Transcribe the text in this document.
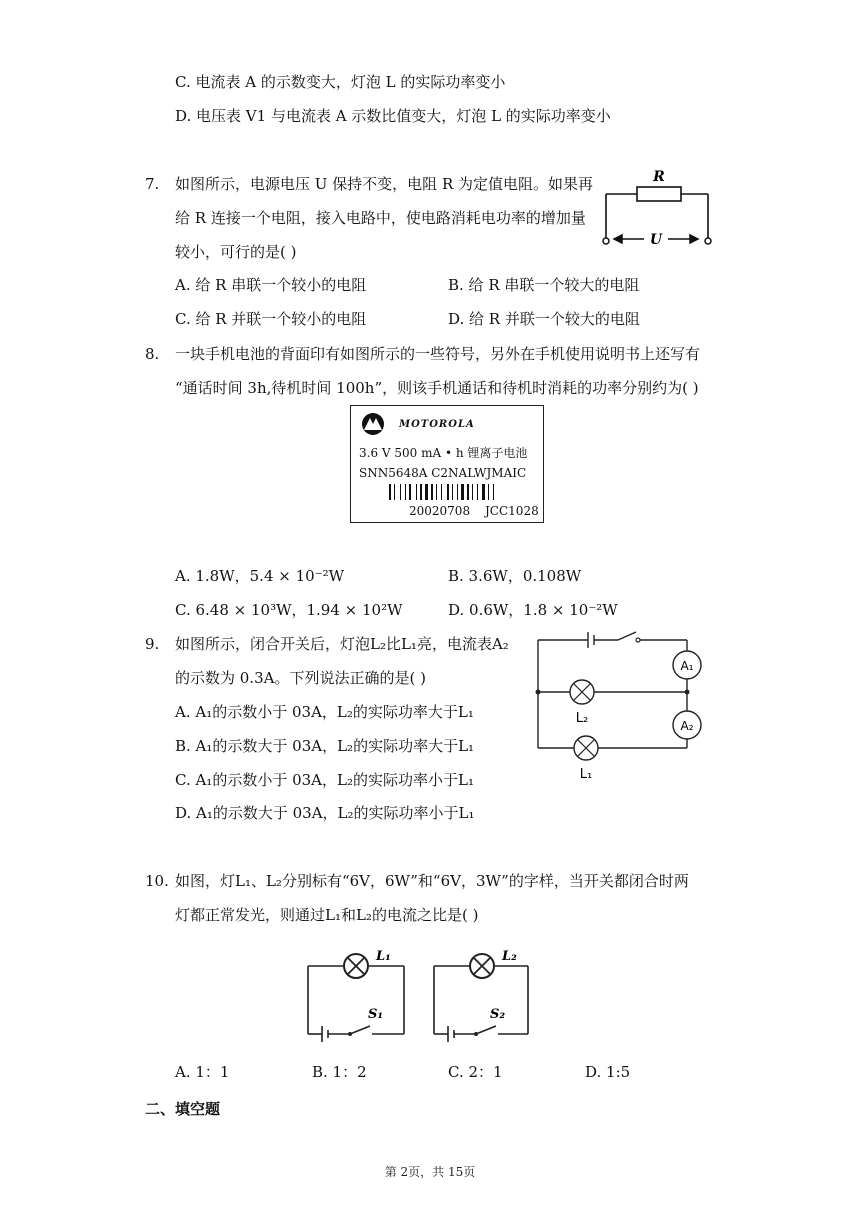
C. 电流表 A 的示数变大，灯泡 L 的实际功率变小
D. 电压表 V1 与电流表 A 示数比值变大，灯泡 L 的实际功率变小
7. 如图所示，电源电压 U 保持不变，电阻 R 为定值电阻。如果再
给 R 连接一个电阻，接入电路中，使电路消耗电功率的增加量
较小，可行的是( )
R
U
A. 给 R 串联一个较小的电阻	B. 给 R 串联一个较大的电阻
C. 给 R 并联一个较小的电阻	D. 给 R 并联一个较大的电阻
8. 一块手机电池的背面印有如图所示的一些符号，另外在手机使用说明书上还写有
“通话时间 3h,待机时间 100h”，则该手机通话和待机时消耗的功率分别约为( )
MOTOROLA
3.6 V 500 mA • h 锂离子电池
SNN5648A C2NALWJMAIC
20020708 JCC1028
A. 1.8W，5.4 × 10⁻²W	B. 3.6W，0.108W
C. 6.48 × 10³W，1.94 × 10²W	D. 0.6W，1.8 × 10⁻²W
9. 如图所示，闭合开关后，灯泡L₂比L₁亮，电流表A₂
的示数为 0.3A。下列说法正确的是( )
A. A₁的示数小于 03A，L₂的实际功率大于L₁
B. A₁的示数大于 03A，L₂的实际功率大于L₁
C. A₁的示数小于 03A，L₂的实际功率小于L₁
D. A₁的示数大于 03A，L₂的实际功率小于L₁
A₁
A₂
L₂
L₁
10. 如图，灯L₁、L₂分别标有“6V，6W”和“6V，3W”的字样，当开关都闭合时两
灯都正常发光，则通过L₁和L₂的电流之比是( )
L₁	L₂
S₁	S₂
A. 1：1	B. 1：2	C. 2：1	D. 1:5
二、填空题
第 2页，共 15页
